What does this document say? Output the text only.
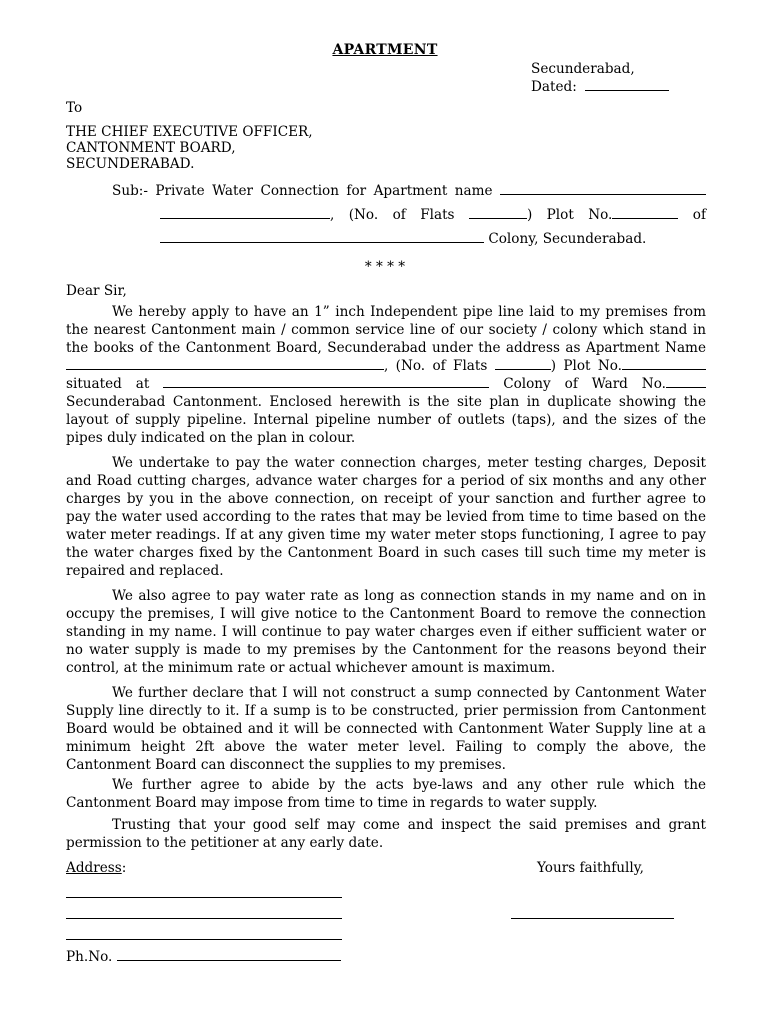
APARTMENT
Secunderabad,
Dated:
To
THE CHIEF EXECUTIVE OFFICER,
CANTONMENT BOARD,
SECUNDERABAD.
Sub:- Private Water Connection for Apartment name
, (No. of Flats	) Plot No.	of
Colony, Secunderabad.
* * * *
Dear Sir,
We hereby apply to have an 1” inch Independent pipe line laid to my premises from
the nearest Cantonment main / common service line of our society / colony which stand in
the books of the Cantonment Board, Secunderabad under the address as Apartment Name
, (No. of Flats	) Plot No.
situated at	Colony of Ward No.
Secunderabad Cantonment. Enclosed herewith is the site plan in duplicate showing the
layout of supply pipeline. Internal pipeline number of outlets (taps), and the sizes of the
pipes duly indicated on the plan in colour.
We undertake to pay the water connection charges, meter testing charges, Deposit
and Road cutting charges, advance water charges for a period of six months and any other
charges by you in the above connection, on receipt of your sanction and further agree to
pay the water used according to the rates that may be levied from time to time based on the
water meter readings. If at any given time my water meter stops functioning, I agree to pay
the water charges fixed by the Cantonment Board in such cases till such time my meter is
repaired and replaced.
We also agree to pay water rate as long as connection stands in my name and on in
occupy the premises, I will give notice to the Cantonment Board to remove the connection
standing in my name. I will continue to pay water charges even if either sufficient water or
no water supply is made to my premises by the Cantonment for the reasons beyond their
control, at the minimum rate or actual whichever amount is maximum.
We further declare that I will not construct a sump connected by Cantonment Water
Supply line directly to it. If a sump is to be constructed, prier permission from Cantonment
Board would be obtained and it will be connected with Cantonment Water Supply line at a
minimum height 2ft above the water meter level. Failing to comply the above, the
Cantonment Board can disconnect the supplies to my premises.
We further agree to abide by the acts bye-laws and any other rule which the
Cantonment Board may impose from time to time in regards to water supply.
Trusting that your good self may come and inspect the said premises and grant
permission to the petitioner at any early date.
Address:	Yours faithfully,
Ph.No.
